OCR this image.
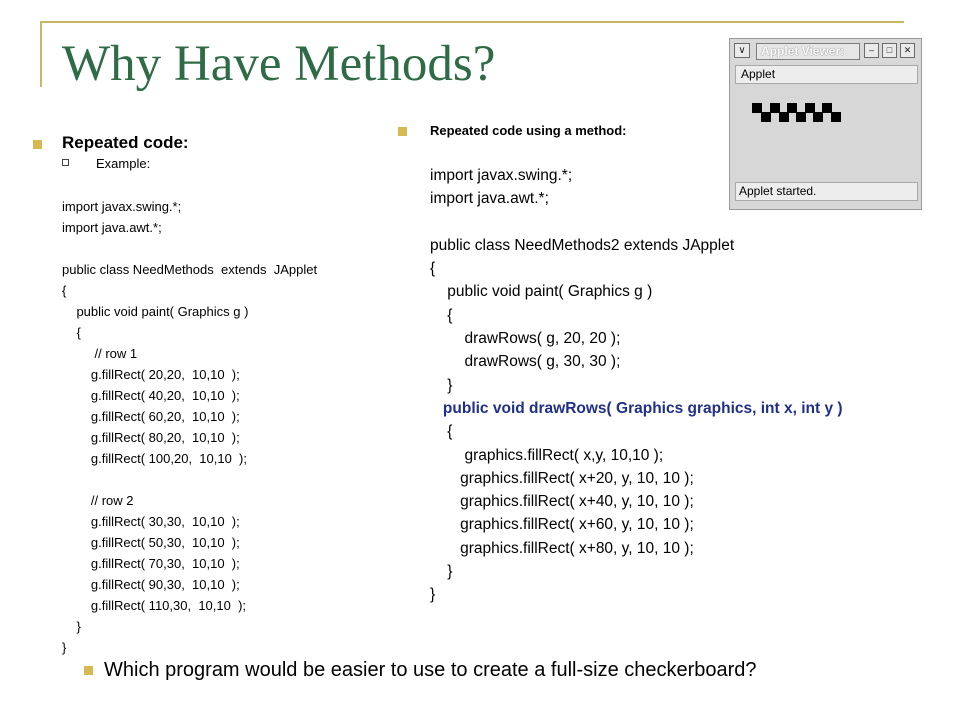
Why Have Methods?
Repeated code:
Example:
import javax.swing.*;
import java.awt.*;
public class NeedMethods  extends  JApplet
{
public void paint( Graphics g )
{
// row 1
g.fillRect( 20,20,  10,10  );
g.fillRect( 40,20,  10,10  );
g.fillRect( 60,20,  10,10  );
g.fillRect( 80,20,  10,10  );
g.fillRect( 100,20,  10,10  );
// row 2
g.fillRect( 30,30,  10,10  );
g.fillRect( 50,30,  10,10  );
g.fillRect( 70,30,  10,10  );
g.fillRect( 90,30,  10,10  );
g.fillRect( 110,30,  10,10  );
}
}
Repeated code using a method:
import javax.swing.*;
import java.awt.*;
public class NeedMethods2 extends JApplet
{
public void paint( Graphics g )
{
drawRows( g, 20, 20 );
drawRows( g, 30, 30 );
}
public void drawRows( Graphics graphics, int x, int y )
{
graphics.fillRect( x,y, 10,10 );
graphics.fillRect( x+20, y, 10, 10 );
graphics.fillRect( x+40, y, 10, 10 );
graphics.fillRect( x+60, y, 10, 10 );
graphics.fillRect( x+80, y, 10, 10 );
}
}
Which program would be easier to use to create a full-size checkerboard?
∨	Applet Viewer:	–	□	✕
Applet
Applet started.
